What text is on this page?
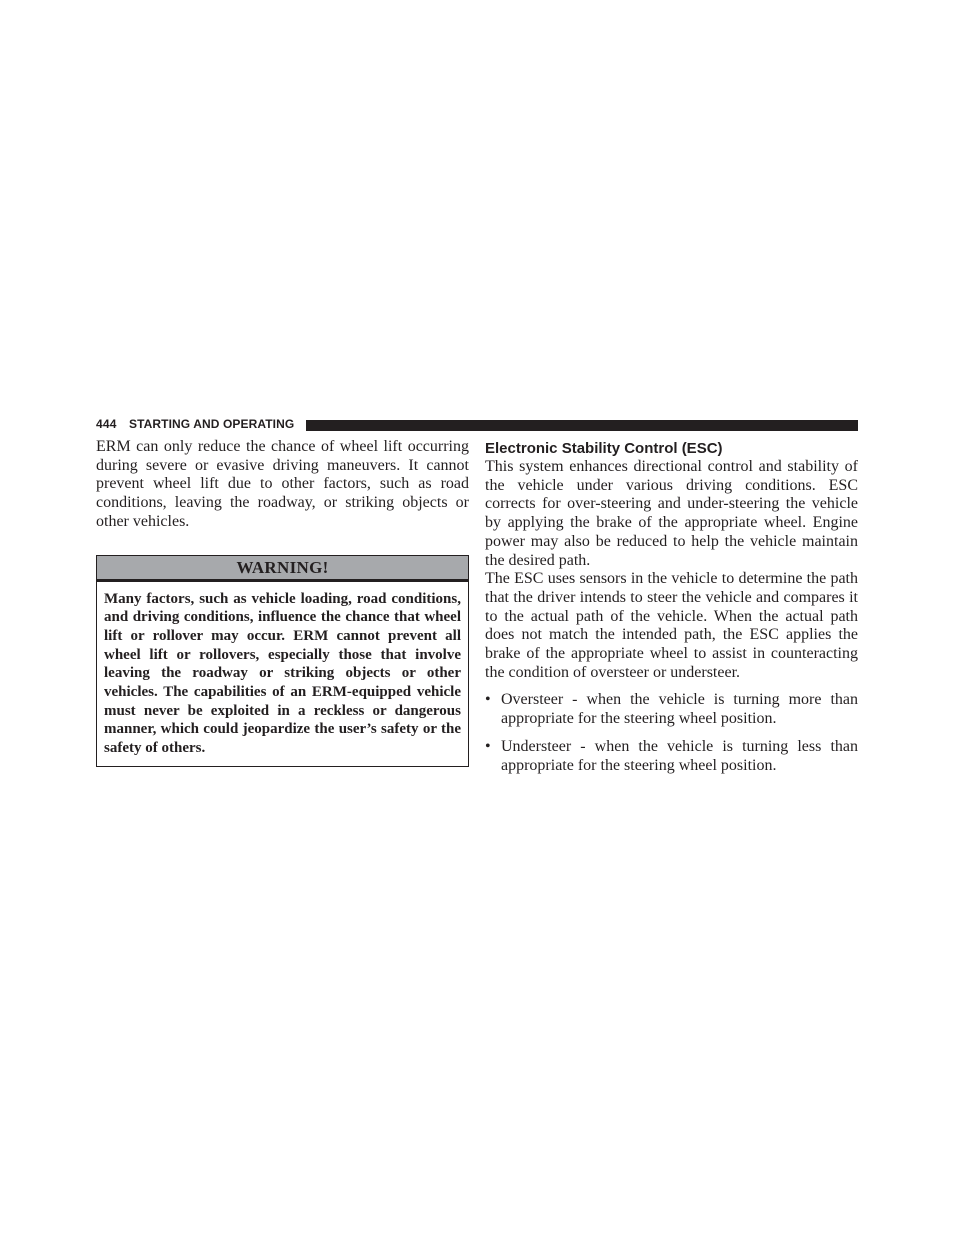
444 STARTING AND OPERATING

ERM can only reduce the chance of wheel lift occurring during severe or evasive driving maneuvers. It cannot prevent wheel lift due to other factors, such as road conditions, leaving the roadway, or striking objects or other vehicles.

WARNING!

Many factors, such as vehicle loading, road conditions, and driving conditions, influence the chance that wheel lift or rollover may occur. ERM cannot prevent all wheel lift or rollovers, especially those that involve leaving the roadway or striking objects or other vehicles. The capabilities of an ERM-equipped vehicle must never be exploited in a reckless or dangerous manner, which could jeopardize the user’s safety or the safety of others.

Electronic Stability Control (ESC)

This system enhances directional control and stability of the vehicle under various driving conditions. ESC corrects for over-steering and under-steering the vehicle by applying the brake of the appropriate wheel. Engine power may also be reduced to help the vehicle maintain the desired path.

The ESC uses sensors in the vehicle to determine the path that the driver intends to steer the vehicle and compares it to the actual path of the vehicle. When the actual path does not match the intended path, the ESC applies the brake of the appropriate wheel to assist in counteracting the condition of oversteer or understeer.

• Oversteer - when the vehicle is turning more than appropriate for the steering wheel position.

• Understeer - when the vehicle is turning less than appropriate for the steering wheel position.
